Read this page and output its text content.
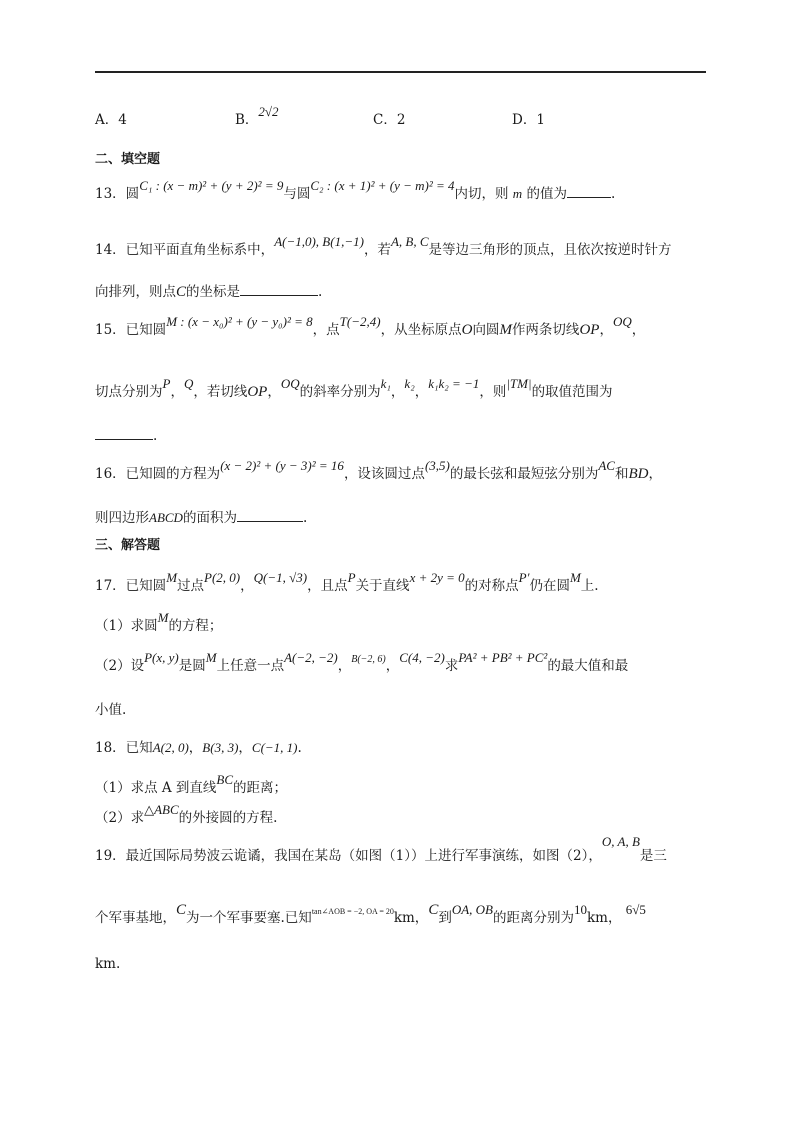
A．4	B．2√2
C．2	D．1
二、填空题
13．圆C₁ : (x − m)² + (y + 2)² = 9与圆C₂ : (x + 1)² + (y − m)² = 4内切，则 m 的值为	.
14．已知平面直角坐标系中，A(−1,0), B(1,−1)，若A, B, C是等边三角形的顶点，且依次按逆时针方
向排列，则点C的坐标是	.
15．已知圆M : (x − x₀)² + (y − y₀)² = 8，点T(−2,4)，从坐标原点O向圆M作两条切线OP，OQ，
切点分别为P，Q，若切线OP，OQ的斜率分别为k₁，k₂，k₁k₂ = −1，则|TM|的取值范围为
.
16．已知圆的方程为(x − 2)² + (y − 3)² = 16，设该圆过点(3,5)的最长弦和最短弦分别为AC和BD，
则四边形ABCD的面积为	.
三、解答题
17．已知圆M过点P(2, 0)，Q(−1, √3)，且点P关于直线x + 2y = 0的对称点P′仍在圆M上.
（1）求圆M的方程；
（2）设P(x, y)是圆M上任意一点A(−2, −2)，$^{B(-2, 6)}$，C(4, −2)求PA² + PB² + PC²的最大值和最
小值.
18．已知A(2, 0)，B(3, 3)，C(−1, 1).
（1）求点 A 到直线BC的距离；
（2）求△ABC的外接圆的方程.
19．最近国际局势波云诡谲，我国在某岛（如图（1））上进行军事演练，如图（2），O, A, B是三
个军事基地，C为一个军事要塞.已知$^{tan\angle AOB = -2, OA = 20}$km，C到OA, OB的距离分别为10km， 6√5
km.
